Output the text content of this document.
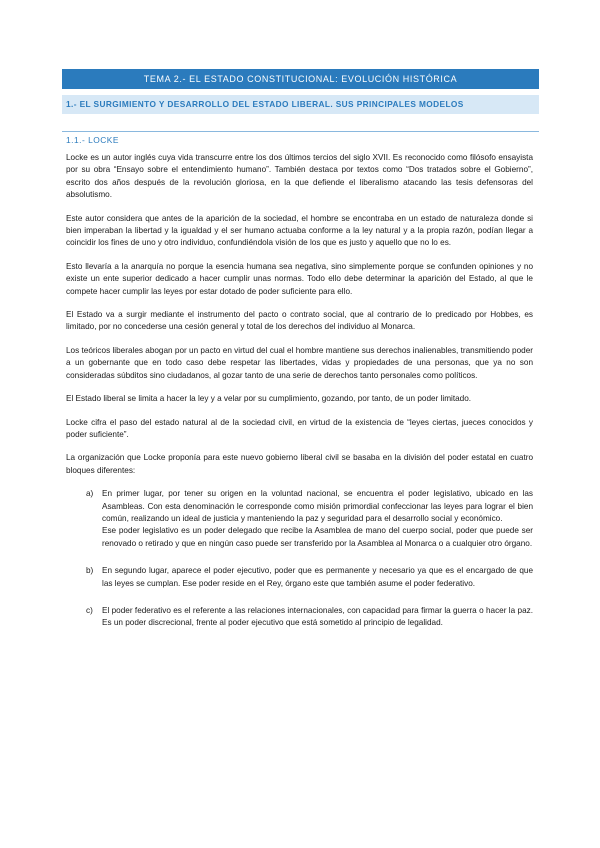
TEMA 2.- EL ESTADO CONSTITUCIONAL: EVOLUCIÓN HISTÓRICA
1.- EL SURGIMIENTO Y DESARROLLO DEL ESTADO LIBERAL. SUS PRINCIPALES MODELOS
1.1.- LOCKE

Locke es un autor inglés cuya vida transcurre entre los dos últimos tercios del siglo XVII. Es reconocido como filósofo ensayista por su obra “Ensayo sobre el entendimiento humano”. También destaca por textos como “Dos tratados sobre el Gobierno”, escrito dos años después de la revolución gloriosa, en la que defiende el liberalismo atacando las tesis defensoras del absolutismo.

Este autor considera que antes de la aparición de la sociedad, el hombre se encontraba en un estado de naturaleza donde si bien imperaban la libertad y la igualdad y el ser humano actuaba conforme a la ley natural y a la propia razón, podían llegar a coincidir los fines de uno y otro individuo, confundiéndola visión de los que es justo y aquello que no lo es.

Esto llevaría a la anarquía no porque la esencia humana sea negativa, sino simplemente porque se confunden opiniones y no existe un ente superior dedicado a hacer cumplir unas normas. Todo ello debe determinar la aparición del Estado, al que le compete hacer cumplir las leyes por estar dotado de poder suficiente para ello.

El Estado va a surgir mediante el instrumento del pacto o contrato social, que al contrario de lo predicado por Hobbes, es limitado, por no concederse una cesión general y total de los derechos del individuo al Monarca.

Los teóricos liberales abogan por un pacto en virtud del cual el hombre mantiene sus derechos inalienables, transmitiendo poder a un gobernante que en todo caso debe respetar las libertades, vidas y propiedades de una personas, que ya no son consideradas súbditos sino ciudadanos, al gozar tanto de una serie de derechos tanto personales como políticos.

El Estado liberal se limita a hacer la ley y a velar por su cumplimiento, gozando, por tanto, de un poder limitado.

Locke cifra el paso del estado natural al de la sociedad civil, en virtud de la existencia de “leyes ciertas, jueces conocidos y poder suficiente”.

La organización que Locke proponía para este nuevo gobierno liberal civil se basaba en la división del poder estatal en cuatro bloques diferentes:

a) En primer lugar, por tener su origen en la voluntad nacional, se encuentra el poder legislativo, ubicado en las Asambleas. Con esta denominación le corresponde como misión primordial confeccionar las leyes para lograr el bien común, realizando un ideal de justicia y manteniendo la paz y seguridad para el desarrollo social y económico.

Ese poder legislativo es un poder delegado que recibe la Asamblea de mano del cuerpo social, poder que puede ser renovado o retirado y que en ningún caso puede ser transferido por la Asamblea al Monarca o a cualquier otro órgano.

b) En segundo lugar, aparece el poder ejecutivo, poder que es permanente y necesario ya que es el encargado de que las leyes se cumplan. Ese poder reside en el Rey, órgano este que también asume el poder federativo.

c) El poder federativo es el referente a las relaciones internacionales, con capacidad para firmar la guerra o hacer la paz. Es un poder discrecional, frente al poder ejecutivo que está sometido al principio de legalidad.
